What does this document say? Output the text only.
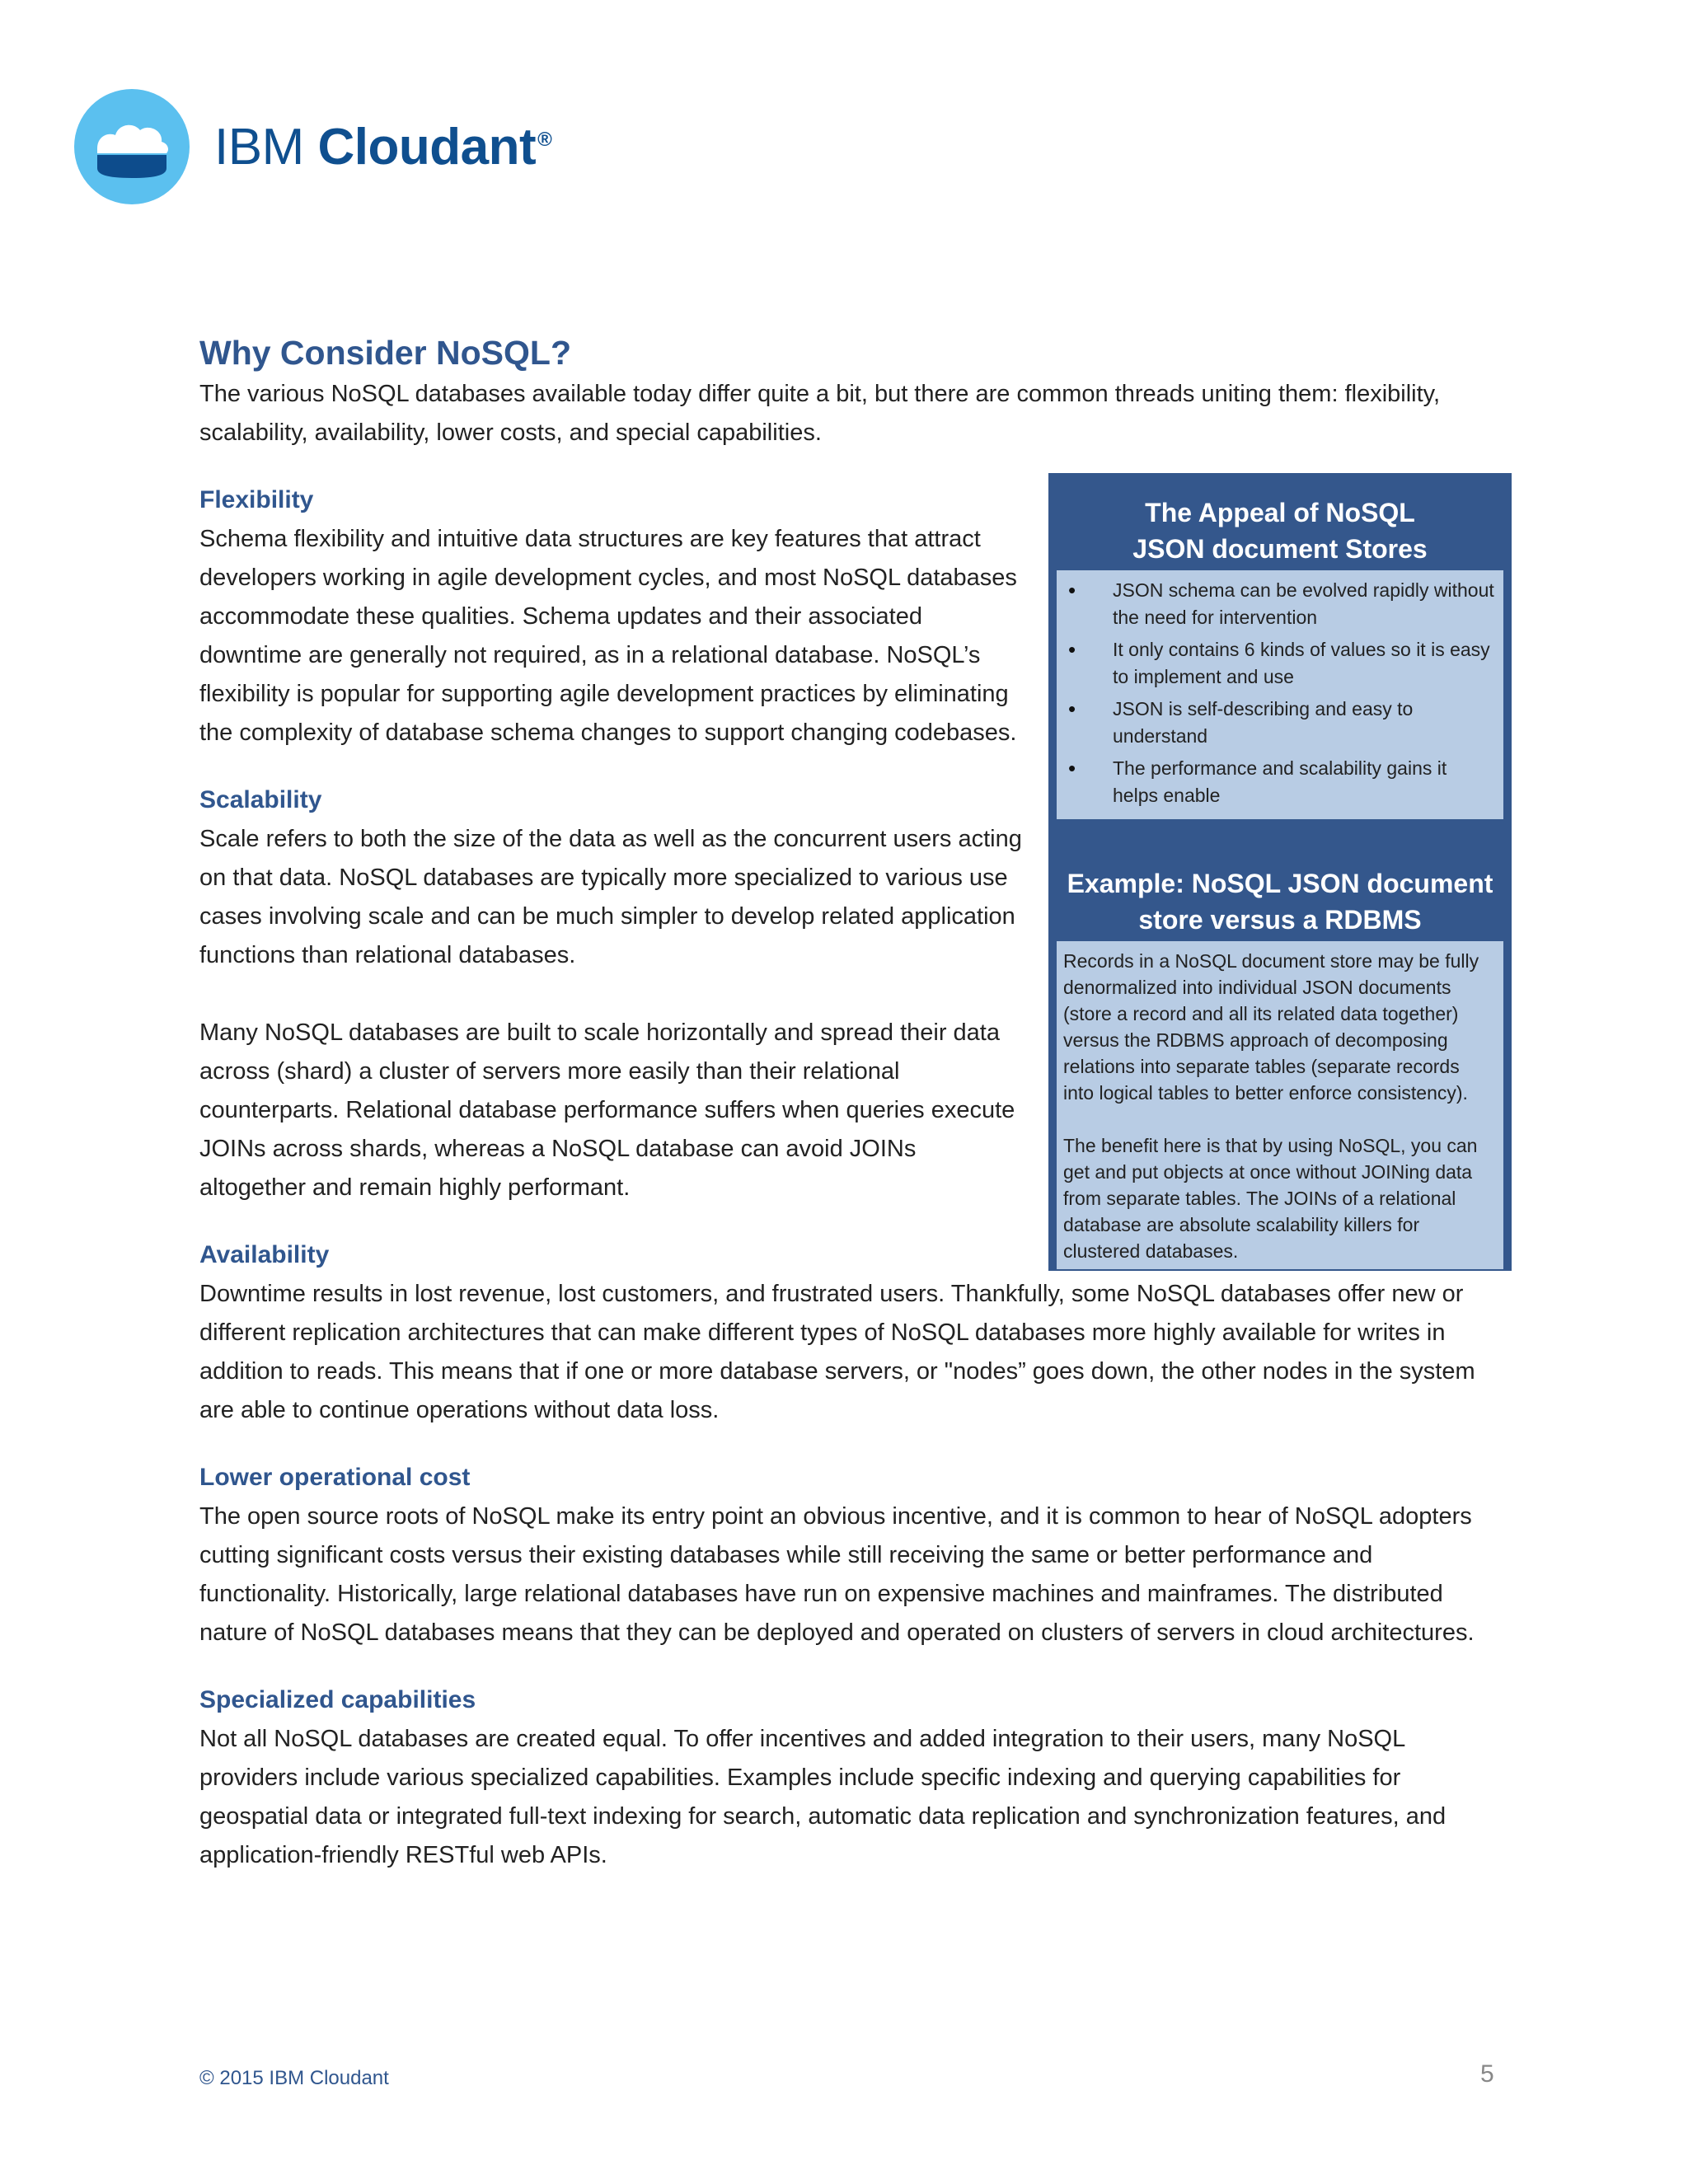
IBM Cloudant®
Why Consider NoSQL?

The various NoSQL databases available today differ quite a bit, but there are common threads uniting them: flexibility, scalability, availability, lower costs, and special capabilities.

Flexibility

Schema flexibility and intuitive data structures are key features that attract developers working in agile development cycles, and most NoSQL databases accommodate these qualities. Schema updates and their associated downtime are generally not required, as in a relational database. NoSQL’s flexibility is popular for supporting agile development practices by eliminating the complexity of database schema changes to support changing codebases.

Scalability

Scale refers to both the size of the data as well as the concurrent users acting on that data. NoSQL databases are typically more specialized to various use cases involving scale and can be much simpler to develop related application functions than relational databases.

Many NoSQL databases are built to scale horizontally and spread their data across (shard) a cluster of servers more easily than their relational counterparts. Relational database performance suffers when queries execute JOINs across shards, whereas a NoSQL database can avoid JOINs altogether and remain highly performant.

Availability

Downtime results in lost revenue, lost customers, and frustrated users. Thankfully, some NoSQL databases offer new or different replication architectures that can make different types of NoSQL databases more highly available for writes in addition to reads. This means that if one or more database servers, or "nodes” goes down, the other nodes in the system are able to continue operations without data loss.

Lower operational cost

The open source roots of NoSQL make its entry point an obvious incentive, and it is common to hear of NoSQL adopters cutting significant costs versus their existing databases while still receiving the same or better performance and functionality. Historically, large relational databases have run on expensive machines and mainframes. The distributed nature of NoSQL databases means that they can be deployed and operated on clusters of servers in cloud architectures.

Specialized capabilities

Not all NoSQL databases are created equal. To offer incentives and added integration to their users, many NoSQL providers include various specialized capabilities. Examples include specific indexing and querying capabilities for geospatial data or integrated full-text indexing for search, automatic data replication and synchronization features, and application-friendly RESTful web APIs.

The Appeal of NoSQL
JSON document Stores
• JSON schema can be evolved rapidly without the need for intervention
• It only contains 6 kinds of values so it is easy to implement and use
• JSON is self-describing and easy to understand
• The performance and scalability gains it helps enable
Example: NoSQL JSON document
store versus a RDBMS

Records in a NoSQL document store may be fully denormalized into individual JSON documents (store a record and all its related data together) versus the RDBMS approach of decomposing relations into separate tables (separate records into logical tables to better enforce consistency).

The benefit here is that by using NoSQL, you can get and put objects at once without JOINing data from separate tables. The JOINs of a relational database are absolute scalability killers for clustered databases.

© 2015 IBM Cloudant	5
